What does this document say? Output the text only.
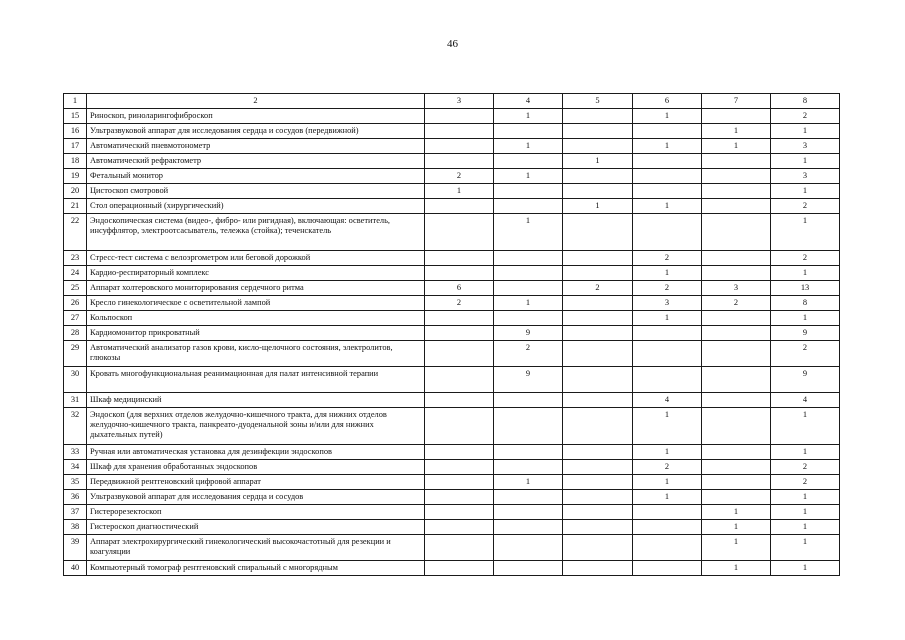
46
1	2	3	4	5	6	7	8
15	Риноскоп, риноларингофиброскоп		1		1		2
16	Ультразвуковой аппарат для исследования сердца и сосудов (передвижной)					1	1
17	Автоматический пневмотонометр		1		1	1	3
18	Автоматический рефрактометр			1			1
19	Фетальный монитор	2	1				3
20	Цистоскоп смотровой	1					1
21	Стол операционный (хирургический)			1	1		2
22	Эндоскопическая система (видео-, фибро- или ригидная), включающая: осветитель, инсуффлятор, электроотсасыватель, тележка (стойка); тeченскатель		1				1
23	Стресс-тест система с велоэргометром или беговой дорожкой				2		2
24	Кардио-респираторный комплекс				1		1
25	Аппарат холтеровского мониторирования сердечного ритма	6		2	2	3	13
26	Кресло гинекологическое с осветительной лампой	2	1		3	2	8
27	Кольпоскоп				1		1
28	Кардиомонитор прикроватный		9				9
29	Автоматический анализатор газов крови, кисло-щелочного состояния, электролитов, глюкозы		2				2
30	Кровать многофункциональная реанимационная для палат интенсивной терапии		9				9
31	Шкаф медицинский				4		4
32	Эндоскоп (для верхних отделов желудочно-кишечного тракта, для нижних отделов желудочно-кишечного тракта, панкреато-дуоденальной зоны и/или для нижних дыхательных путей)				1		1
33	Ручная или автоматическая установка для дезинфекции эндоскопов				1		1
34	Шкаф для хранения обработанных эндоскопов				2		2
35	Передвижной рентгеновский цифровой аппарат		1		1		2
36	Ультразвуковой аппарат для исследования сердца и сосудов				1		1
37	Гистерорезектоскоп					1	1
38	Гистероскоп диагностический					1	1
39	Аппарат электрохирургический гинекологический высокочастотный для резекции и коагуляции					1	1
40	Компьютерный томограф рентгеновский спиральный с многорядным					1	1
